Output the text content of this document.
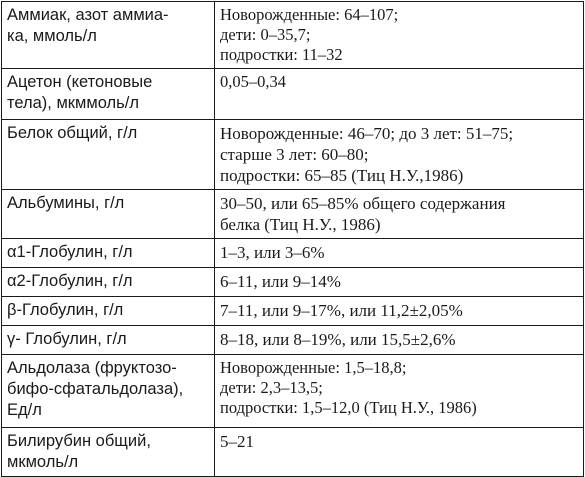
Аммиак, азот аммиа-
ка, ммоль/л	Новорожденные: 64–107;
дети: 0–35,7;
подростки: 11–32

Ацетон (кетоновые
тела), мкммоль/л	0,05–0,34

Белок общий, г/л	Новорожденные: 46–70; до 3 лет: 51–75;
старше 3 лет: 60–80;
подростки: 65–85 (Тиц Н.У.,1986)

Альбумины, г/л	30–50, или 65–85% общего содержания
белка (Тиц Н.У., 1986)

α1-Глобулин, г/л	1–3, или 3–6%

α2-Глобулин, г/л	6–11, или 9–14%

β-Глобулин, г/л	7–11, или 9–17%, или 11,2±2,05%

γ- Глобулин, г/л	8–18, или 8–19%, или 15,5±2,6%

Альдолаза (фруктозо-
бифо-сфатальдолаза),
Ед/л	Новорожденные: 1,5–18,8;
дети: 2,3–13,5;
подростки: 1,5–12,0 (Тиц Н.У., 1986)

Билирубин общий,
мкмоль/л	5–21
